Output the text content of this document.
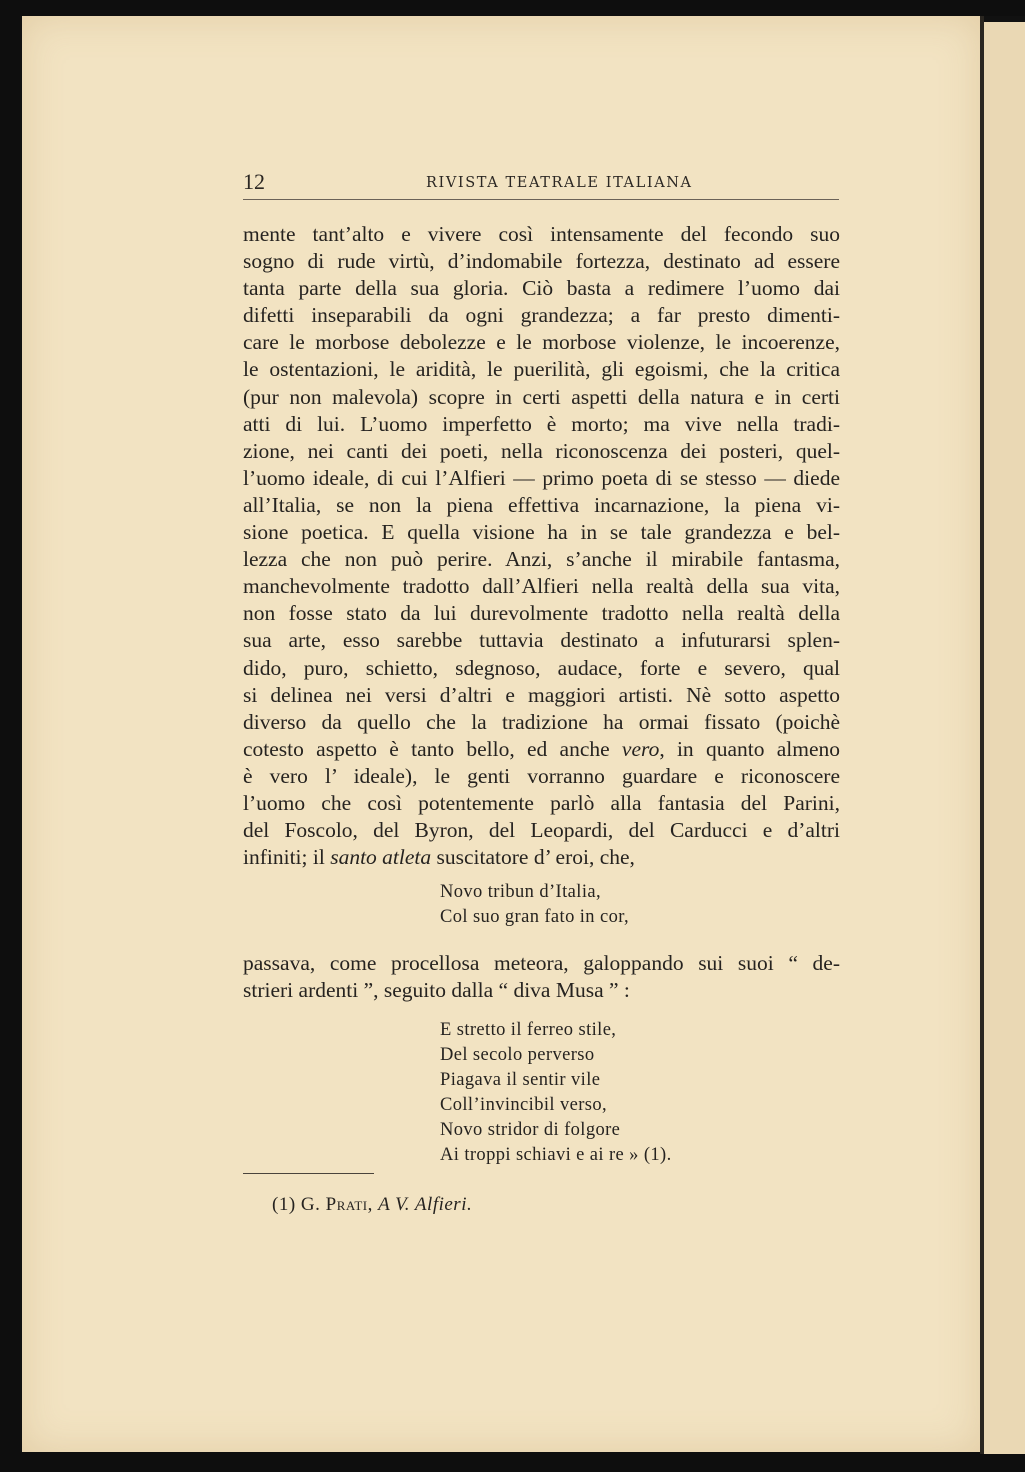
12	RIVISTA TEATRALE ITALIANA
mente tant’alto e vivere così intensamente del fecondo suo
sogno di rude virtù, d’indomabile fortezza, destinato ad essere
tanta parte della sua gloria. Ciò basta a redimere l’uomo dai
difetti inseparabili da ogni grandezza; a far presto dimenti-
care le morbose debolezze e le morbose violenze, le incoerenze,
le ostentazioni, le aridità, le puerilità, gli egoismi, che la critica
(pur non malevola) scopre in certi aspetti della natura e in certi
atti di lui. L’uomo imperfetto è morto; ma vive nella tradi-
zione, nei canti dei poeti, nella riconoscenza dei posteri, quel-
l’uomo ideale, di cui l’Alfieri — primo poeta di se stesso — diede
all’Italia, se non la piena effettiva incarnazione, la piena vi-
sione poetica. E quella visione ha in se tale grandezza e bel-
lezza che non può perire. Anzi, s’anche il mirabile fantasma,
manchevolmente tradotto dall’Alfieri nella realtà della sua vita,
non fosse stato da lui durevolmente tradotto nella realtà della
sua arte, esso sarebbe tuttavia destinato a infuturarsi splen-
dido, puro, schietto, sdegnoso, audace, forte e severo, qual
si delinea nei versi d’altri e maggiori artisti. Nè sotto aspetto
diverso da quello che la tradizione ha ormai fissato (poichè
cotesto aspetto è tanto bello, ed anche vero, in quanto almeno
è vero l’ ideale), le genti vorranno guardare e riconoscere
l’uomo che così potentemente parlò alla fantasia del Parini,
del Foscolo, del Byron, del Leopardi, del Carducci e d’altri
infiniti; il santo atleta suscitatore d’ eroi, che,
Novo tribun d’Italia,
Col suo gran fato in cor,
passava, come procellosa meteora, galoppando sui suoi “ de-
strieri ardenti ”, seguito dalla “ diva Musa ” :
E stretto il ferreo stile,
Del secolo perverso
Piagava il sentir vile
Coll’invincibil verso,
Novo stridor di folgore
Ai troppi schiavi e ai re » (1).
(1) G. Prati, A V. Alfieri.
